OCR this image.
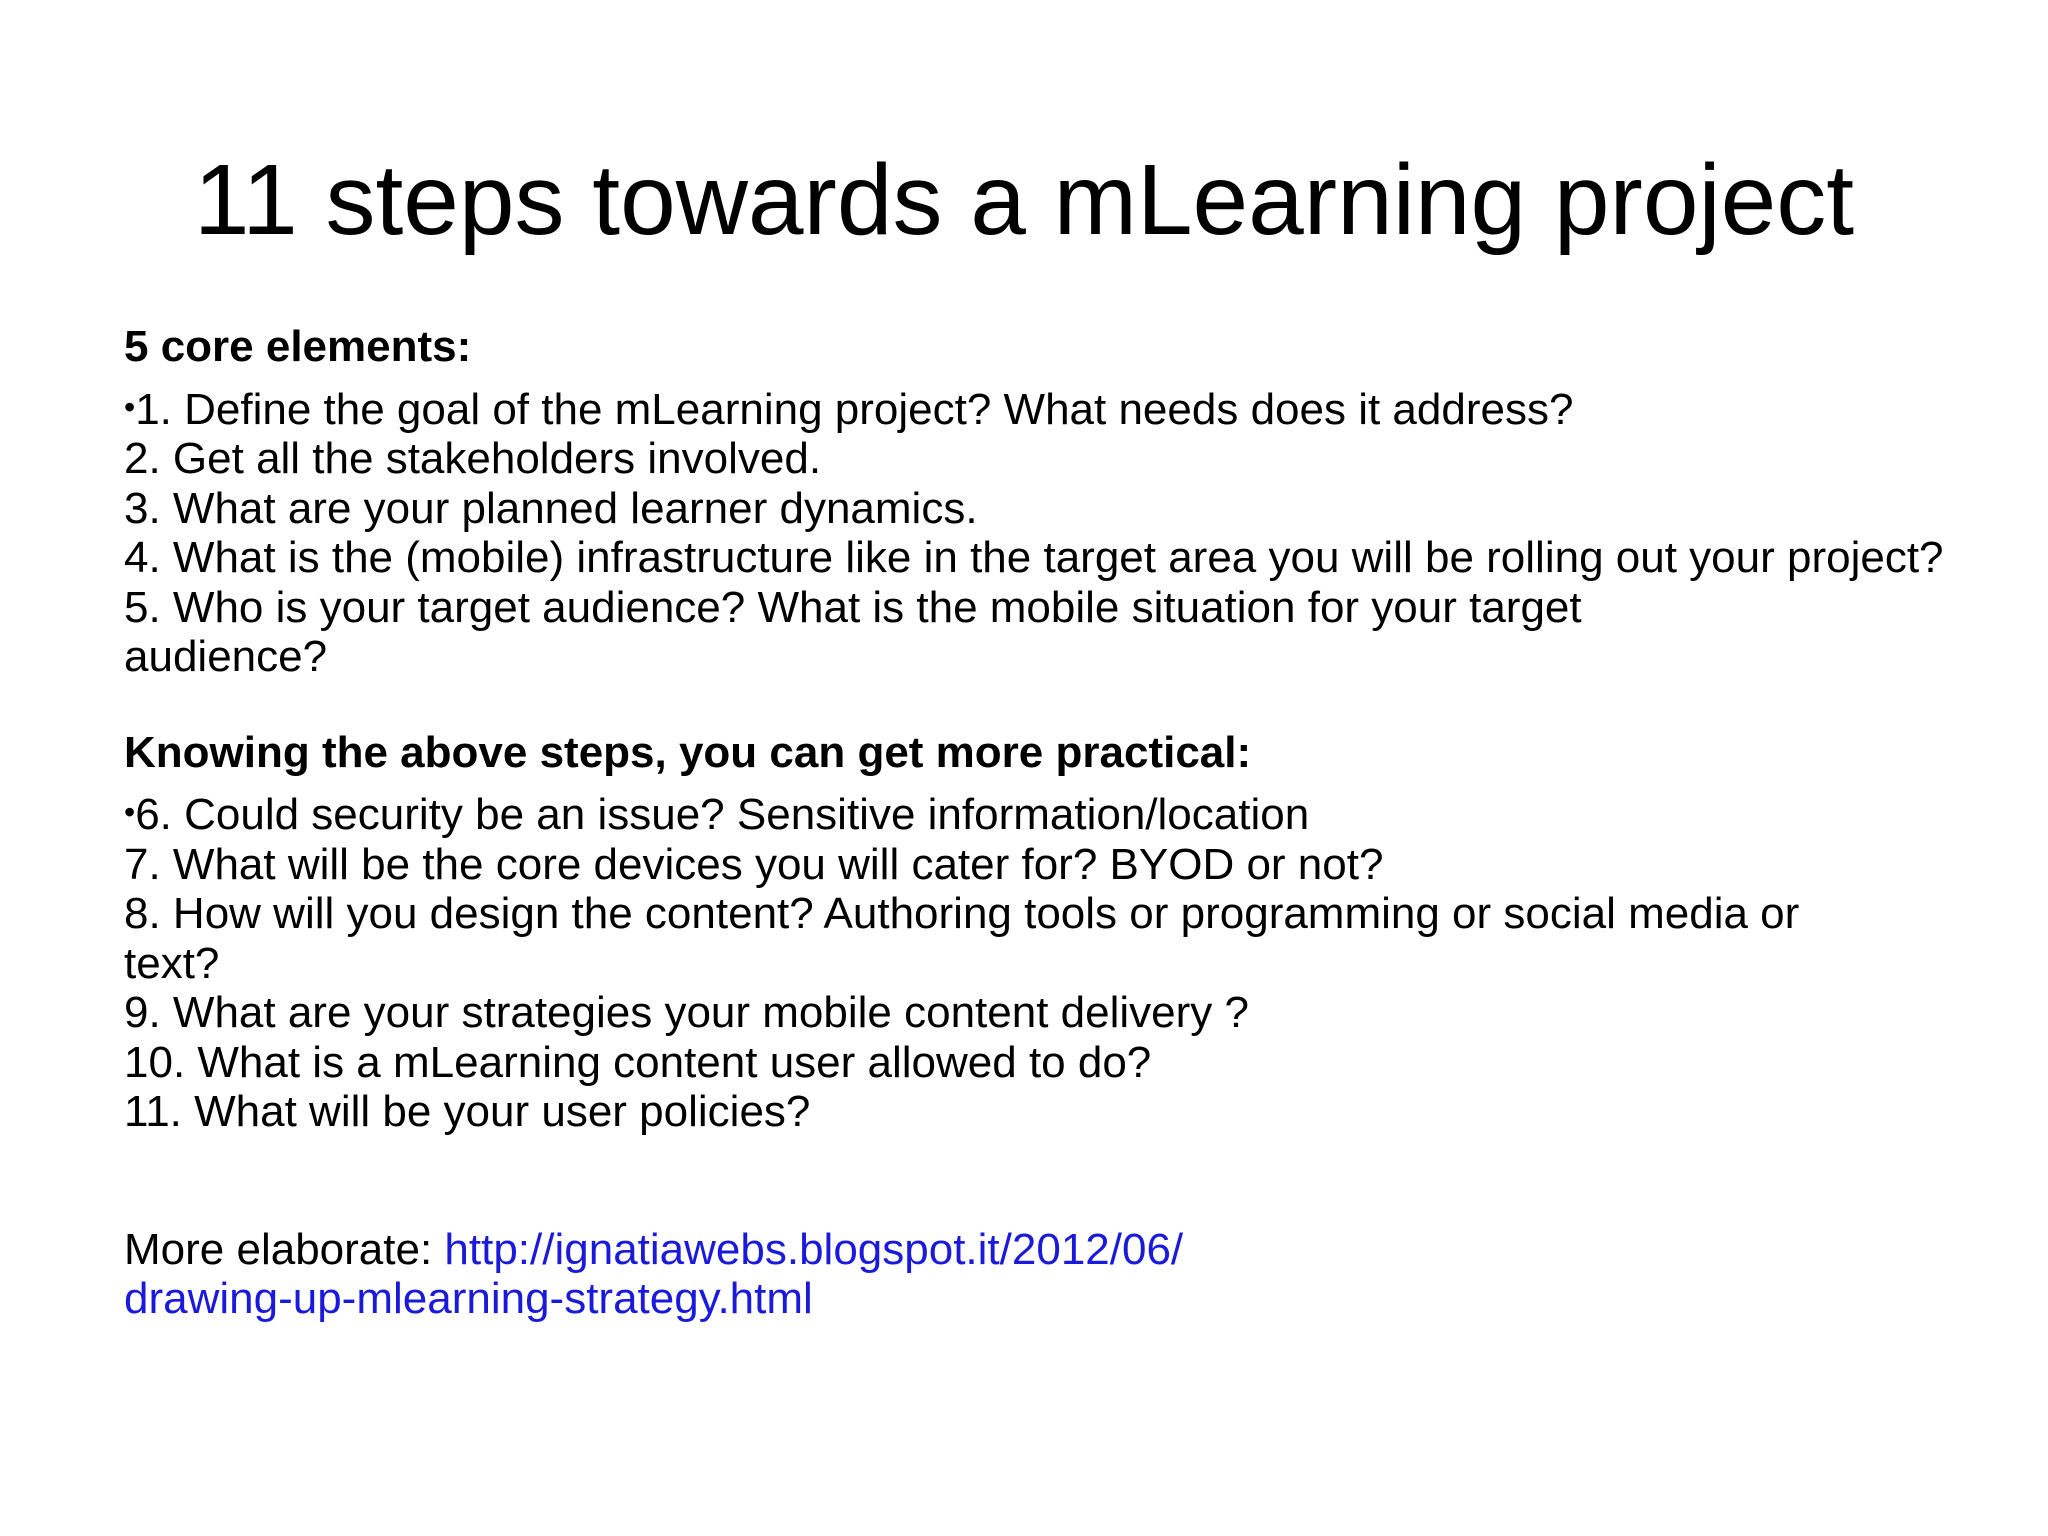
11 steps towards a mLearning project
5 core elements:
• 1. Define the goal of the mLearning project? What needs does it address?
2. Get all the stakeholders involved.
3. What are your planned learner dynamics.
4. What is the (mobile) infrastructure like in the target area you will be rolling out your project?
5. Who is your target audience? What is the mobile situation for your target audience?
Knowing the above steps, you can get more practical:
• 6. Could security be an issue? Sensitive information/location
7. What will be the core devices you will cater for? BYOD or not?
8. How will you design the content? Authoring tools or programming or social media or text?
9. What are your strategies your mobile content delivery ?
10. What is a mLearning content user allowed to do?
11. What will be your user policies?
More elaborate: http://ignatiawebs.blogspot.it/2012/06/
drawing-up-mlearning-strategy.html
